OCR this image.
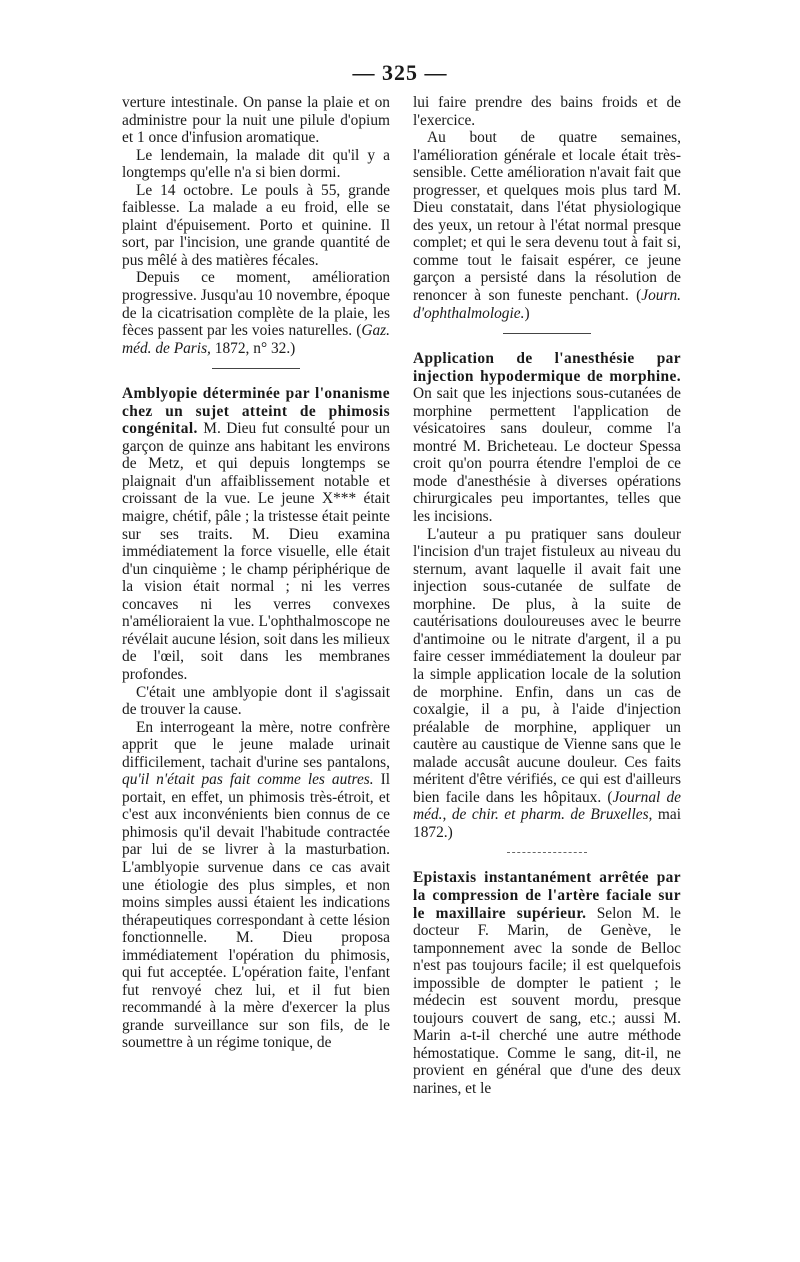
— 325 —

verture intestinale. On panse la plaie et on administre pour la nuit une pilule d'opium et 1 once d'infusion aromatique.

Le lendemain, la malade dit qu'il y a longtemps qu'elle n'a si bien dormi.

Le 14 octobre. Le pouls à 55, grande faiblesse. La malade a eu froid, elle se plaint d'épuisement. Porto et quinine. Il sort, par l'incision, une grande quantité de pus mêlé à des matières fécales.

Depuis ce moment, amélioration progressive. Jusqu'au 10 novembre, époque de la cicatrisation complète de la plaie, les fèces passent par les voies naturelles. (Gaz. méd. de Paris, 1872, n° 32.)

Amblyopie déterminée par l'onanisme chez un sujet atteint de phimosis congénital. M. Dieu fut consulté pour un garçon de quinze ans habitant les environs de Metz, et qui depuis longtemps se plaignait d'un affaiblissement notable et croissant de la vue. Le jeune X*** était maigre, chétif, pâle ; la tristesse était peinte sur ses traits. M. Dieu examina immédiatement la force visuelle, elle était d'un cinquième ; le champ périphérique de la vision était normal ; ni les verres concaves ni les verres convexes n'amélioraient la vue. L'ophthalmoscope ne révélait aucune lésion, soit dans les milieux de l'œil, soit dans les membranes profondes.

C'était une amblyopie dont il s'agissait de trouver la cause.

En interrogeant la mère, notre confrère apprit que le jeune malade urinait difficilement, tachait d'urine ses pantalons, qu'il n'était pas fait comme les autres. Il portait, en effet, un phimosis très-étroit, et c'est aux inconvénients bien connus de ce phimosis qu'il devait l'habitude contractée par lui de se livrer à la masturbation. L'amblyopie survenue dans ce cas avait une étiologie des plus simples, et non moins simples aussi étaient les indications thérapeutiques correspondant à cette lésion fonctionnelle. M. Dieu proposa immédiatement l'opération du phimosis, qui fut acceptée. L'opération faite, l'enfant fut renvoyé chez lui, et il fut bien recommandé à la mère d'exercer la plus grande surveillance sur son fils, de le soumettre à un régime tonique, de

lui faire prendre des bains froids et de l'exercice.

Au bout de quatre semaines, l'amélioration générale et locale était très-sensible. Cette amélioration n'avait fait que progresser, et quelques mois plus tard M. Dieu constatait, dans l'état physiologique des yeux, un retour à l'état normal presque complet; et qui le sera devenu tout à fait si, comme tout le faisait espérer, ce jeune garçon a persisté dans la résolution de renoncer à son funeste penchant. (Journ. d'ophthalmologie.)

Application de l'anesthésie par injection hypodermique de morphine. On sait que les injections sous-cutanées de morphine permettent l'application de vésicatoires sans douleur, comme l'a montré M. Bricheteau. Le docteur Spessa croit qu'on pourra étendre l'emploi de ce mode d'anesthésie à diverses opérations chirurgicales peu importantes, telles que les incisions.

L'auteur a pu pratiquer sans douleur l'incision d'un trajet fistuleux au niveau du sternum, avant laquelle il avait fait une injection sous-cutanée de sulfate de morphine. De plus, à la suite de cautérisations douloureuses avec le beurre d'antimoine ou le nitrate d'argent, il a pu faire cesser immédiatement la douleur par la simple application locale de la solution de morphine. Enfin, dans un cas de coxalgie, il a pu, à l'aide d'injection préalable de morphine, appliquer un cautère au caustique de Vienne sans que le malade accusât aucune douleur. Ces faits méritent d'être vérifiés, ce qui est d'ailleurs bien facile dans les hôpitaux. (Journal de méd., de chir. et pharm. de Bruxelles, mai 1872.)

Epistaxis instantanément arrêtée par la compression de l'artère faciale sur le maxillaire supérieur. Selon M. le docteur F. Marin, de Genève, le tamponnement avec la sonde de Belloc n'est pas toujours facile; il est quelquefois impossible de dompter le patient ; le médecin est souvent mordu, presque toujours couvert de sang, etc.; aussi M. Marin a-t-il cherché une autre méthode hémostatique. Comme le sang, dit-il, ne provient en général que d'une des deux narines, et le
